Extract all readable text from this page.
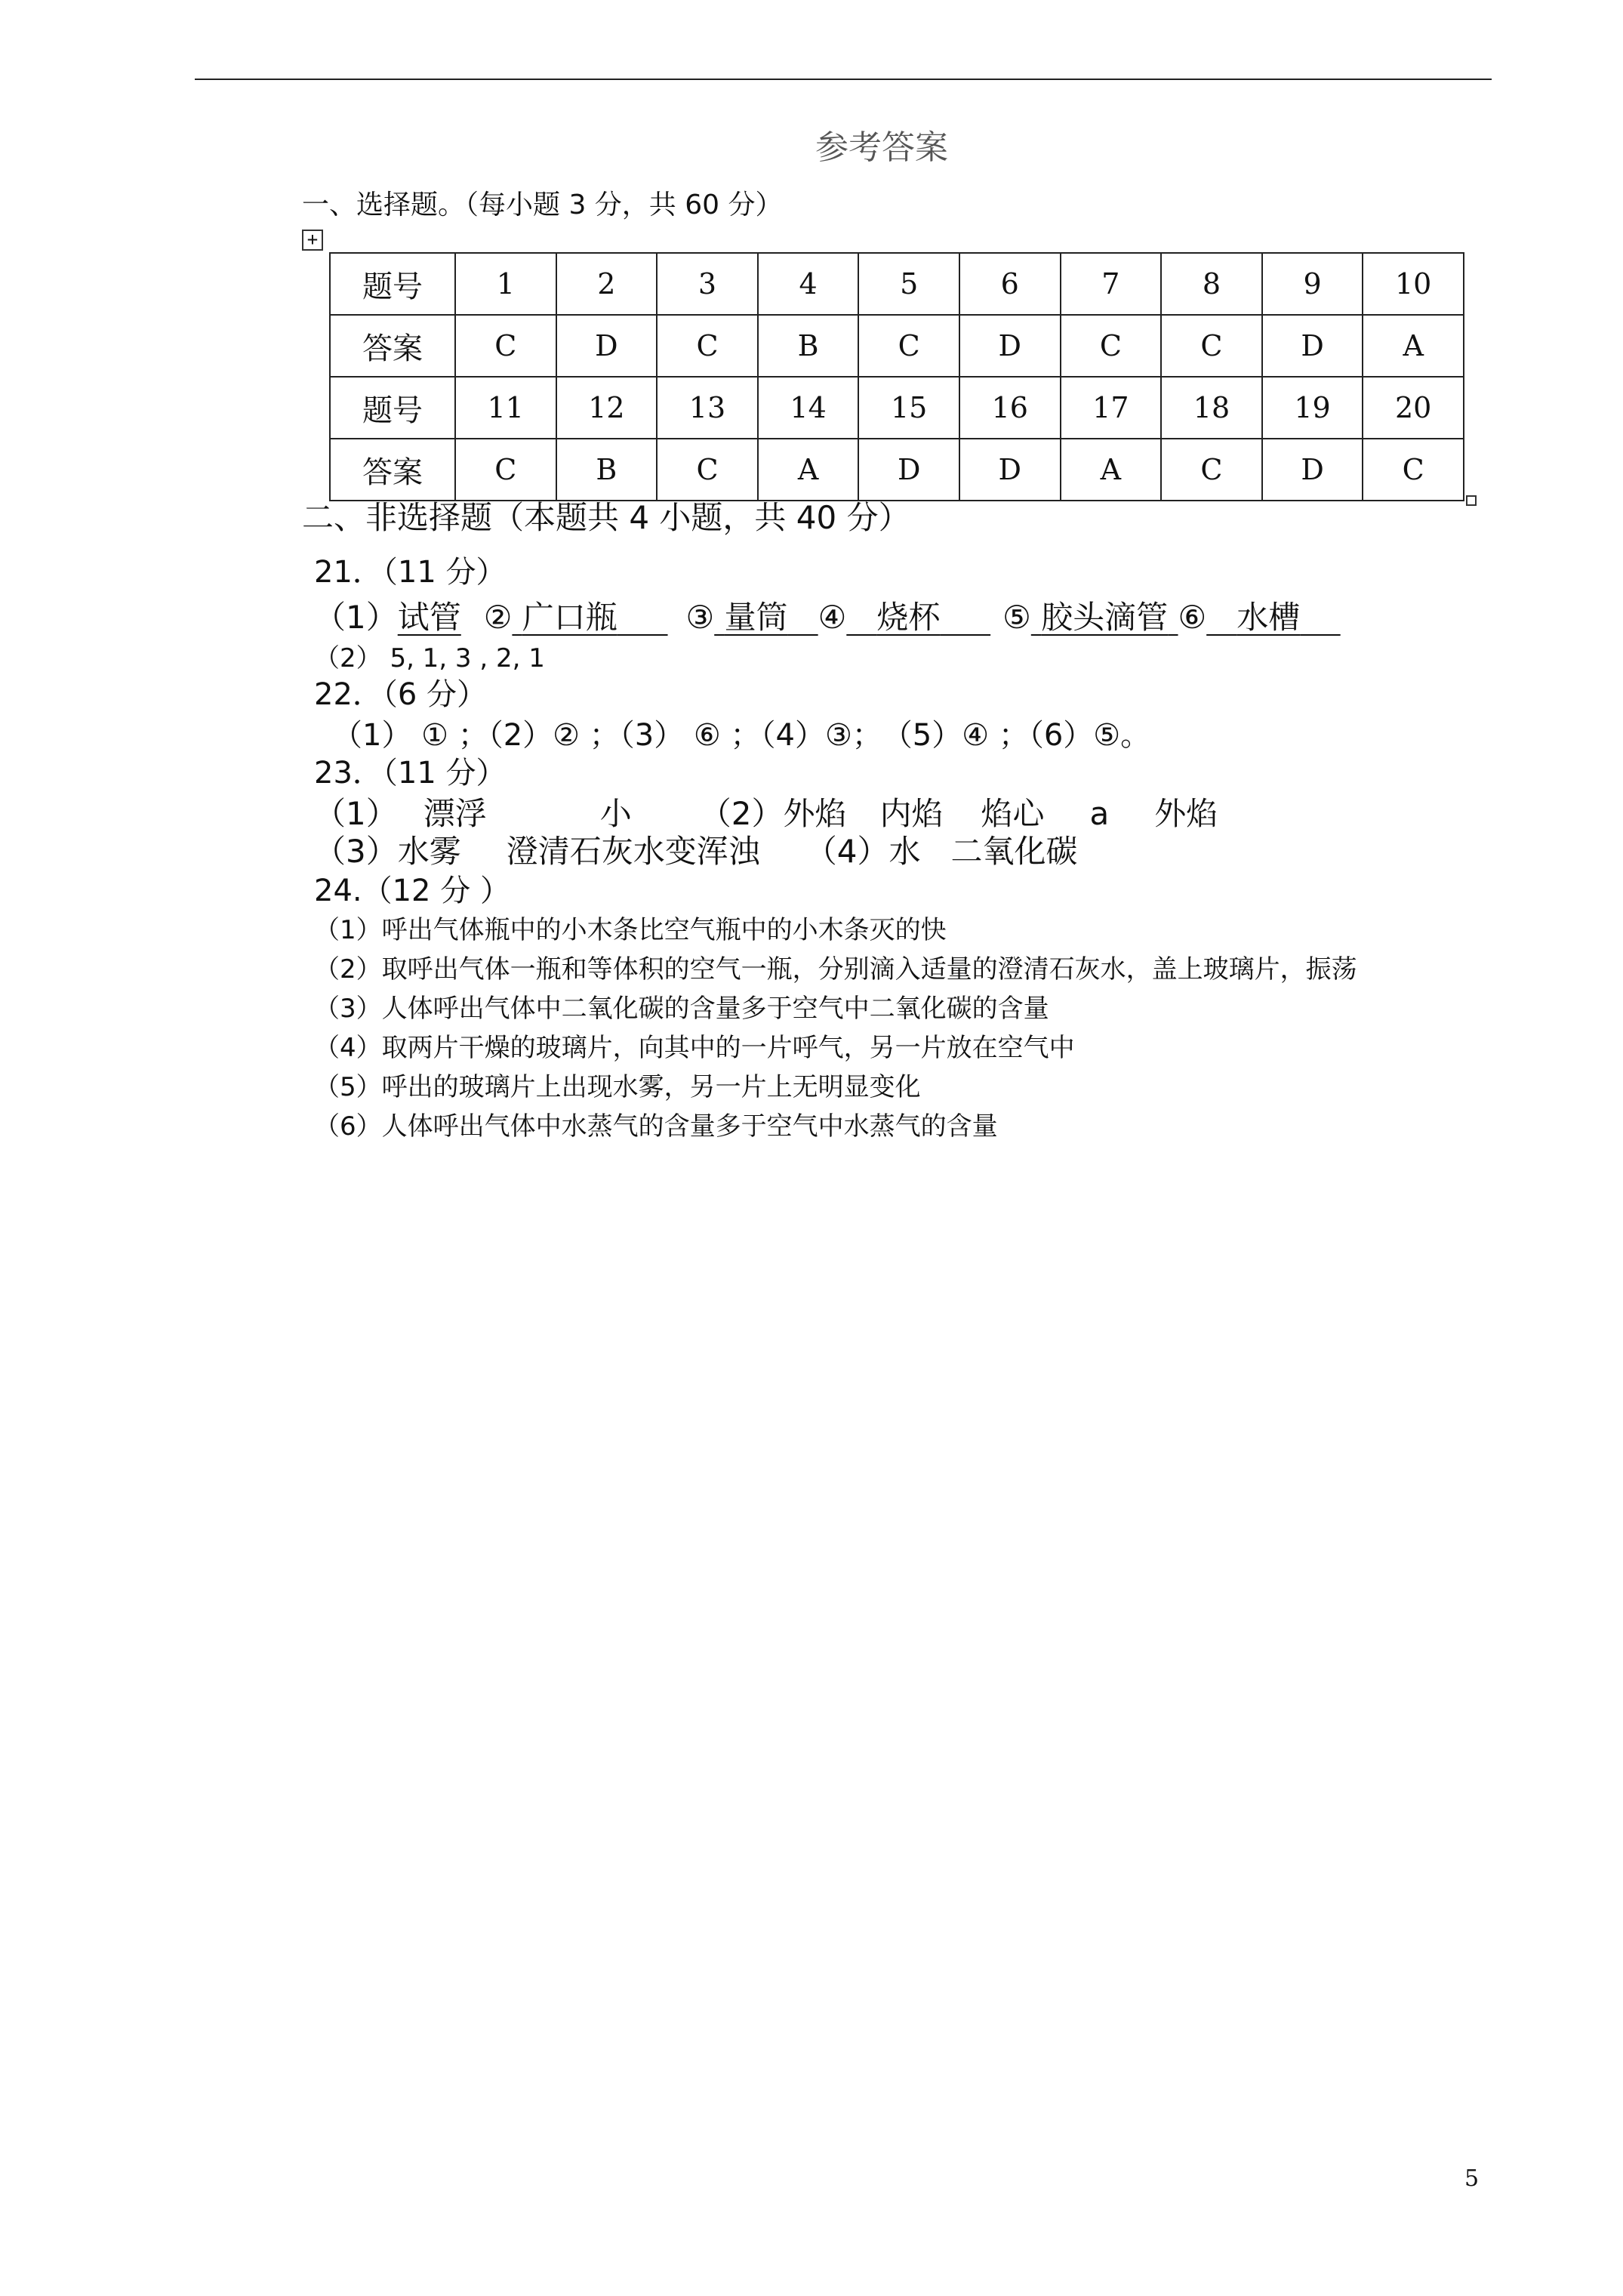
参考答案
一、选择题。（每小题 3 分，共 60 分）
+
题号	1	2	3	4	5	6	7	8	9	10
答案	C	D	C	B	C	D	C	C	D	A
题号	11	12	13	14	15	16	17	18	19	20
答案	C	B	C	A	D	D	A	C	D	C
二、非选择题（本题共 4 小题，共 40 分）
21．（11 分）
（1）试管 ② 广口瓶 ③ 量筒 ④ 烧杯 ⑤ 胶头滴管 ⑥ 水槽
（2） 5, 1, 3 , 2, 1
22．（6 分）
（1） ① ；（2）② ；（3） ⑥ ；（4）③；　（5）④ ；（6）⑤。
23．（11 分）
（1） 漂浮	小 （2）外焰 内焰 焰心 a 外焰
（3）水雾 澄清石灰水变浑浊 （4）水 二氧化碳
24.（12 分 ）
（1）呼出气体瓶中的小木条比空气瓶中的小木条灭的快
（2）取呼出气体一瓶和等体积的空气一瓶，分别滴入适量的澄清石灰水，盖上玻璃片，振荡
（3）人体呼出气体中二氧化碳的含量多于空气中二氧化碳的含量
（4）取两片干燥的玻璃片，向其中的一片呼气，另一片放在空气中
（5）呼出的玻璃片上出现水雾，另一片上无明显变化
（6）人体呼出气体中水蒸气的含量多于空气中水蒸气的含量
5
